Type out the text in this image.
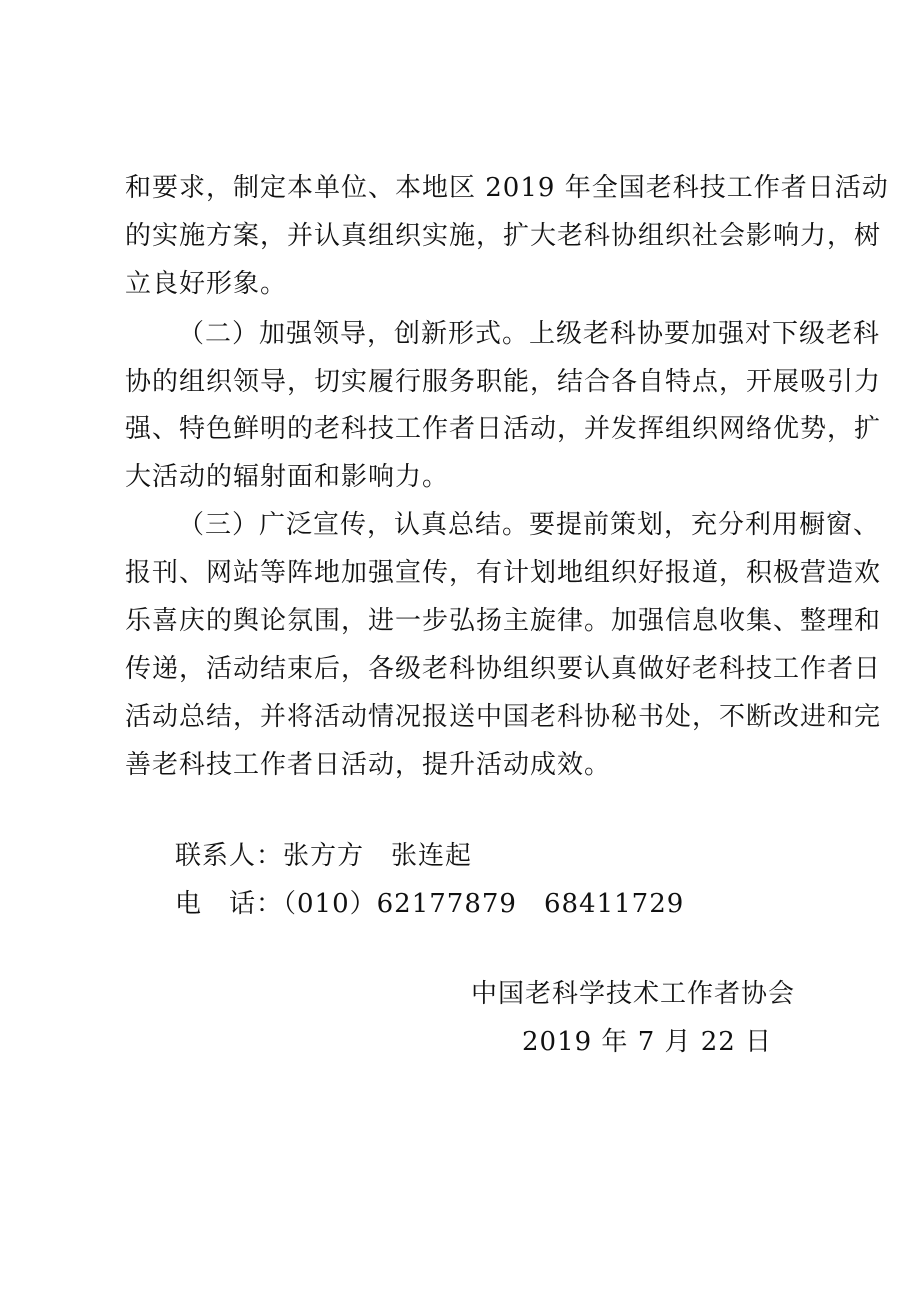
和要求，制定本单位、本地区 2019 年全国老科技工作者日活动
的实施方案，并认真组织实施，扩大老科协组织社会影响力，树
立良好形象。
（二）加强领导，创新形式。上级老科协要加强对下级老科
协的组织领导，切实履行服务职能，结合各自特点，开展吸引力
强、特色鲜明的老科技工作者日活动，并发挥组织网络优势，扩
大活动的辐射面和影响力。
（三）广泛宣传，认真总结。要提前策划，充分利用橱窗、
报刊、网站等阵地加强宣传，有计划地组织好报道，积极营造欢
乐喜庆的舆论氛围，进一步弘扬主旋律。加强信息收集、整理和
传递，活动结束后，各级老科协组织要认真做好老科技工作者日
活动总结，并将活动情况报送中国老科协秘书处，不断改进和完
善老科技工作者日活动，提升活动成效。
联系人：张方方　张连起
电　话：（010）62177879　68411729
中国老科学技术工作者协会
2019 年 7 月 22 日
